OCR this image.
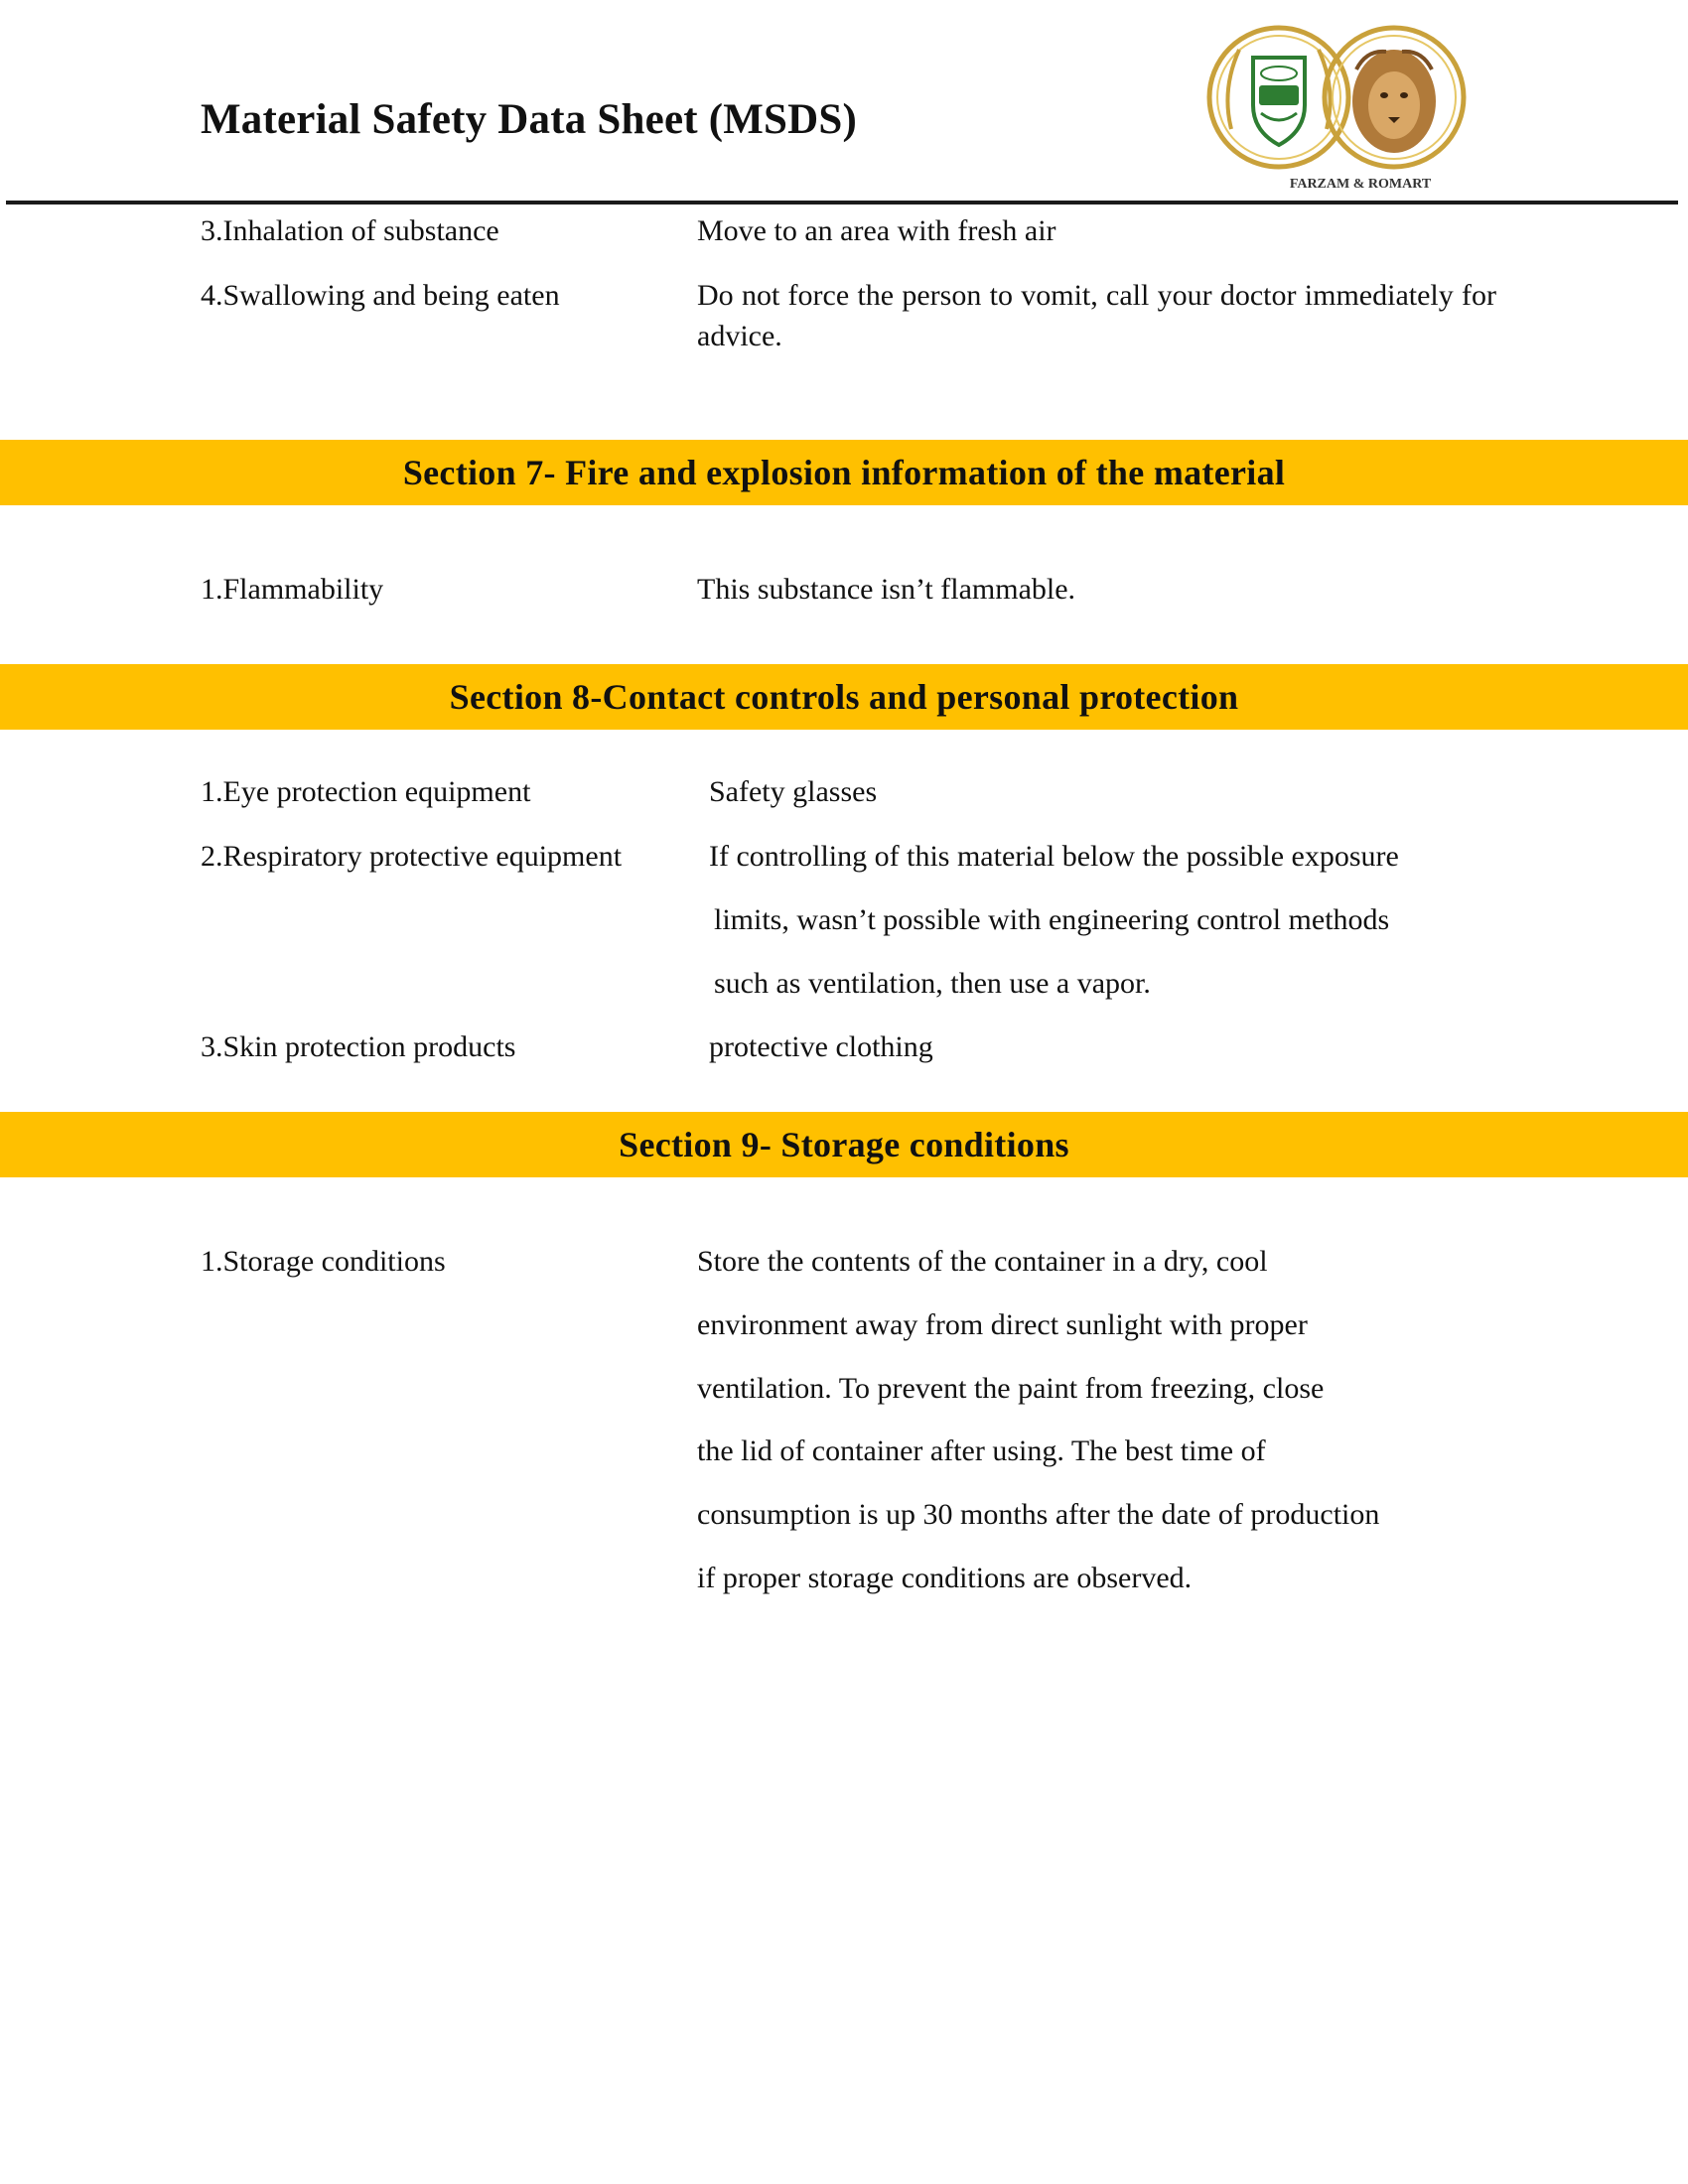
Material Safety Data Sheet (MSDS)
FARZAM & ROMART
3.Inhalation of substance	Move to an area with fresh air
4.Swallowing and being eaten	Do not force the person to vomit, call your doctor immediately for advice.
Section 7- Fire and explosion information of the material
1.Flammability	This substance isn’t flammable.
Section 8-Contact controls and personal protection
1.Eye protection equipment	Safety glasses
2.Respiratory protective equipment	If controlling of this material below the possible exposure
limits, wasn’t possible with engineering control methods
such as ventilation, then use a vapor.
3.Skin protection products	protective clothing
Section 9- Storage conditions
1.Storage conditions	Store the contents of the container in a dry, cool
environment away from direct sunlight with proper
ventilation. To prevent the paint from freezing, close
the lid of container after using. The best time of
consumption is up 30 months after the date of production
if proper storage conditions are observed.
